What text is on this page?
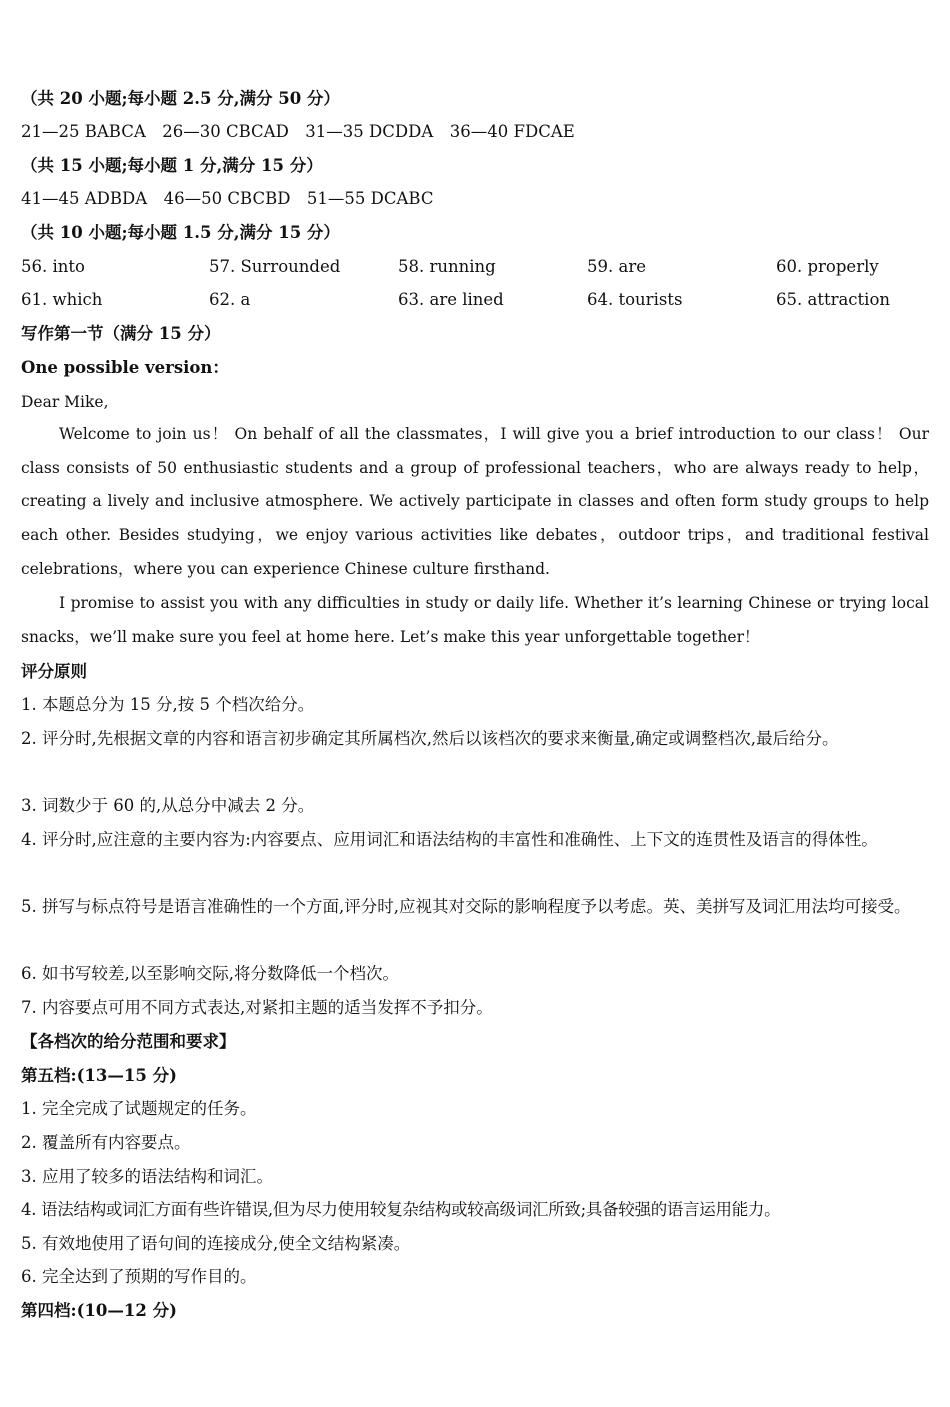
（共 20 小题;每小题 2.5 分,满分 50 分）
21—25 BABCA　26—30 CBCAD　31—35 DCDDA　36—40 FDCAE
（共 15 小题;每小题 1 分,满分 15 分）
41—45 ADBDA　46—50 CBCBD　51—55 DCABC
（共 10 小题;每小题 1.5 分,满分 15 分）
56. into	57. Surrounded	58. running	59. are	60. properly
61. which	62. a	63. are lined	64. tourists	65. attraction
写作第一节（满分 15 分）
One possible version：
Dear Mike,
Welcome to join us！ On behalf of all the classmates，I will give you a brief introduction to our class！ Our class consists of 50 enthusiastic students and a group of professional teachers，who are always ready to help，creating a lively and inclusive atmosphere. We actively participate in classes and often form study groups to help each other. Besides studying，we enjoy various activities like debates，outdoor trips，and traditional festival celebrations，where you can experience Chinese culture firsthand.
I promise to assist you with any difficulties in study or daily life. Whether it’s learning Chinese or trying local snacks，we’ll make sure you feel at home here. Let’s make this year unforgettable together！
评分原则
1. 本题总分为 15 分,按 5 个档次给分。
2. 评分时,先根据文章的内容和语言初步确定其所属档次,然后以该档次的要求来衡量,确定或调整档次,最后给分。
3. 词数少于 60 的,从总分中减去 2 分。
4. 评分时,应注意的主要内容为:内容要点、应用词汇和语法结构的丰富性和准确性、上下文的连贯性及语言的得体性。
5. 拼写与标点符号是语言准确性的一个方面,评分时,应视其对交际的影响程度予以考虑。英、美拼写及词汇用法均可接受。
6. 如书写较差,以至影响交际,将分数降低一个档次。
7. 内容要点可用不同方式表达,对紧扣主题的适当发挥不予扣分。
【各档次的给分范围和要求】
第五档:(13—15 分)
1. 完全完成了试题规定的任务。
2. 覆盖所有内容要点。
3. 应用了较多的语法结构和词汇。
4. 语法结构或词汇方面有些许错误,但为尽力使用较复杂结构或较高级词汇所致;具备较强的语言运用能力。
5. 有效地使用了语句间的连接成分,使全文结构紧凑。
6. 完全达到了预期的写作目的。
第四档:(10—12 分)
